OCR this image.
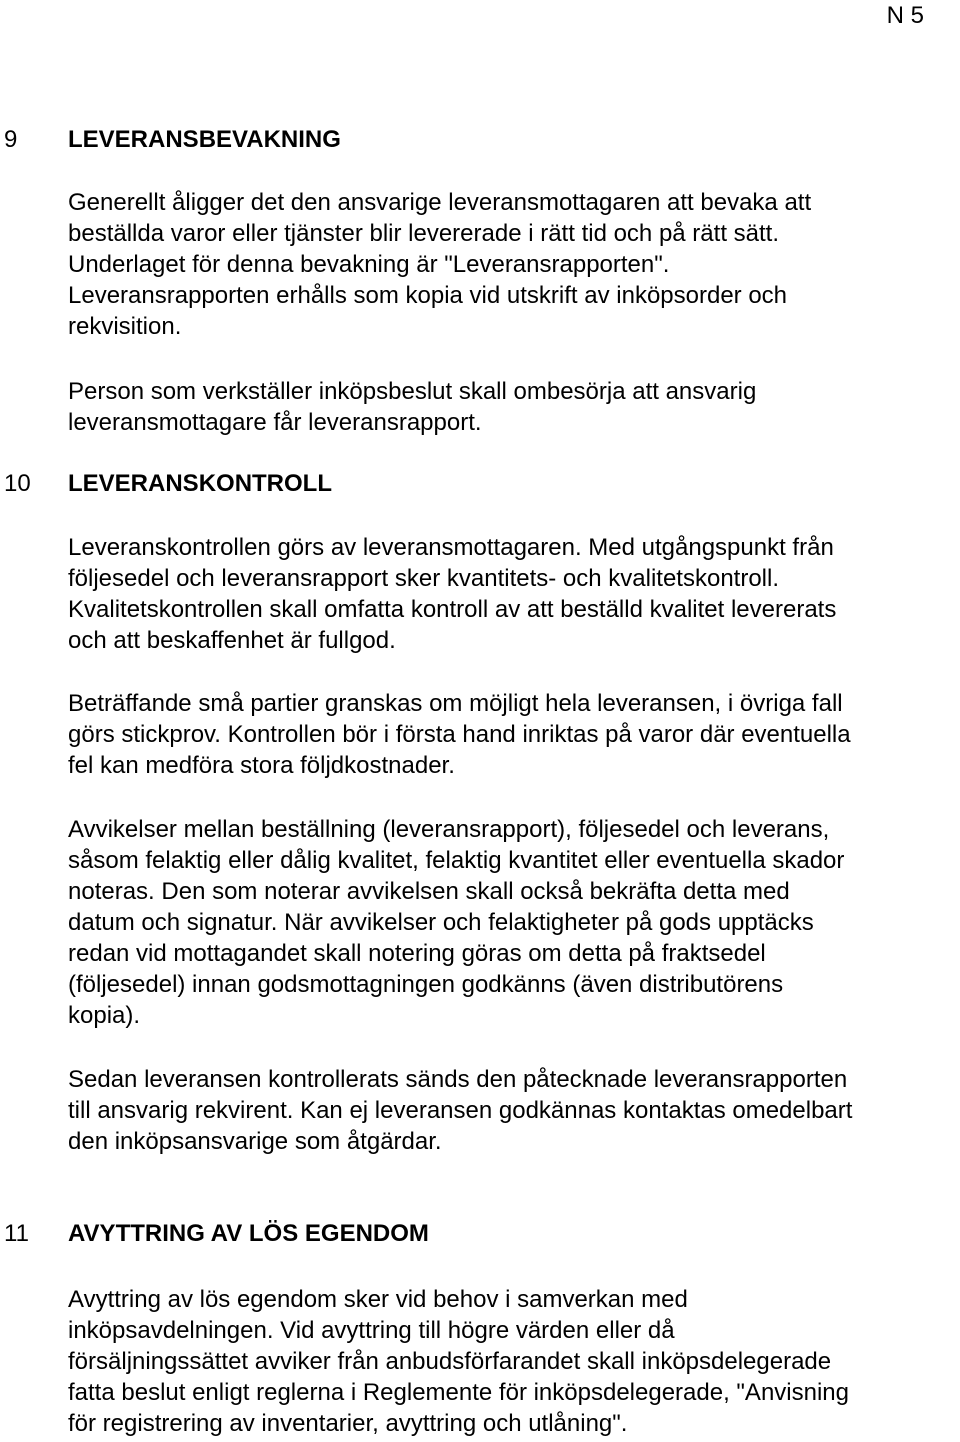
N 5
9 LEVERANSBEVAKNING

Generellt åligger det den ansvarige leveransmottagaren att bevaka att
beställda varor eller tjänster blir levererade i rätt tid och på rätt sätt.
Underlaget för denna bevakning är "Leveransrapporten".
Leveransrapporten erhålls som kopia vid utskrift av inköpsorder och
rekvisition.

Person som verkställer inköpsbeslut skall ombesörja att ansvarig
leveransmottagare får leveransrapport.

10 LEVERANSKONTROLL

Leveranskontrollen görs av leveransmottagaren. Med utgångspunkt från
följesedel och leveransrapport sker kvantitets- och kvalitetskontroll.
Kvalitetskontrollen skall omfatta kontroll av att beställd kvalitet levererats
och att beskaffenhet är fullgod.

Beträffande små partier granskas om möjligt hela leveransen, i övriga fall
görs stickprov. Kontrollen bör i första hand inriktas på varor där eventuella
fel kan medföra stora följdkostnader.

Avvikelser mellan beställning (leveransrapport), följesedel och leverans,
såsom felaktig eller dålig kvalitet, felaktig kvantitet eller eventuella skador
noteras. Den som noterar avvikelsen skall också bekräfta detta med
datum och signatur. När avvikelser och felaktigheter på gods upptäcks
redan vid mottagandet skall notering göras om detta på fraktsedel
(följesedel) innan godsmottagningen godkänns (även distributörens
kopia).

Sedan leveransen kontrollerats sänds den påtecknade leveransrapporten
till ansvarig rekvirent. Kan ej leveransen godkännas kontaktas omedelbart
den inköpsansvarige som åtgärdar.

11 AVYTTRING AV LÖS EGENDOM

Avyttring av lös egendom sker vid behov i samverkan med
inköpsavdelningen. Vid avyttring till högre värden eller då
försäljningssättet avviker från anbudsförfarandet skall inköpsdelegerade
fatta beslut enligt reglerna i Reglemente för inköpsdelegerade, "Anvisning
för registrering av inventarier, avyttring och utlåning".
